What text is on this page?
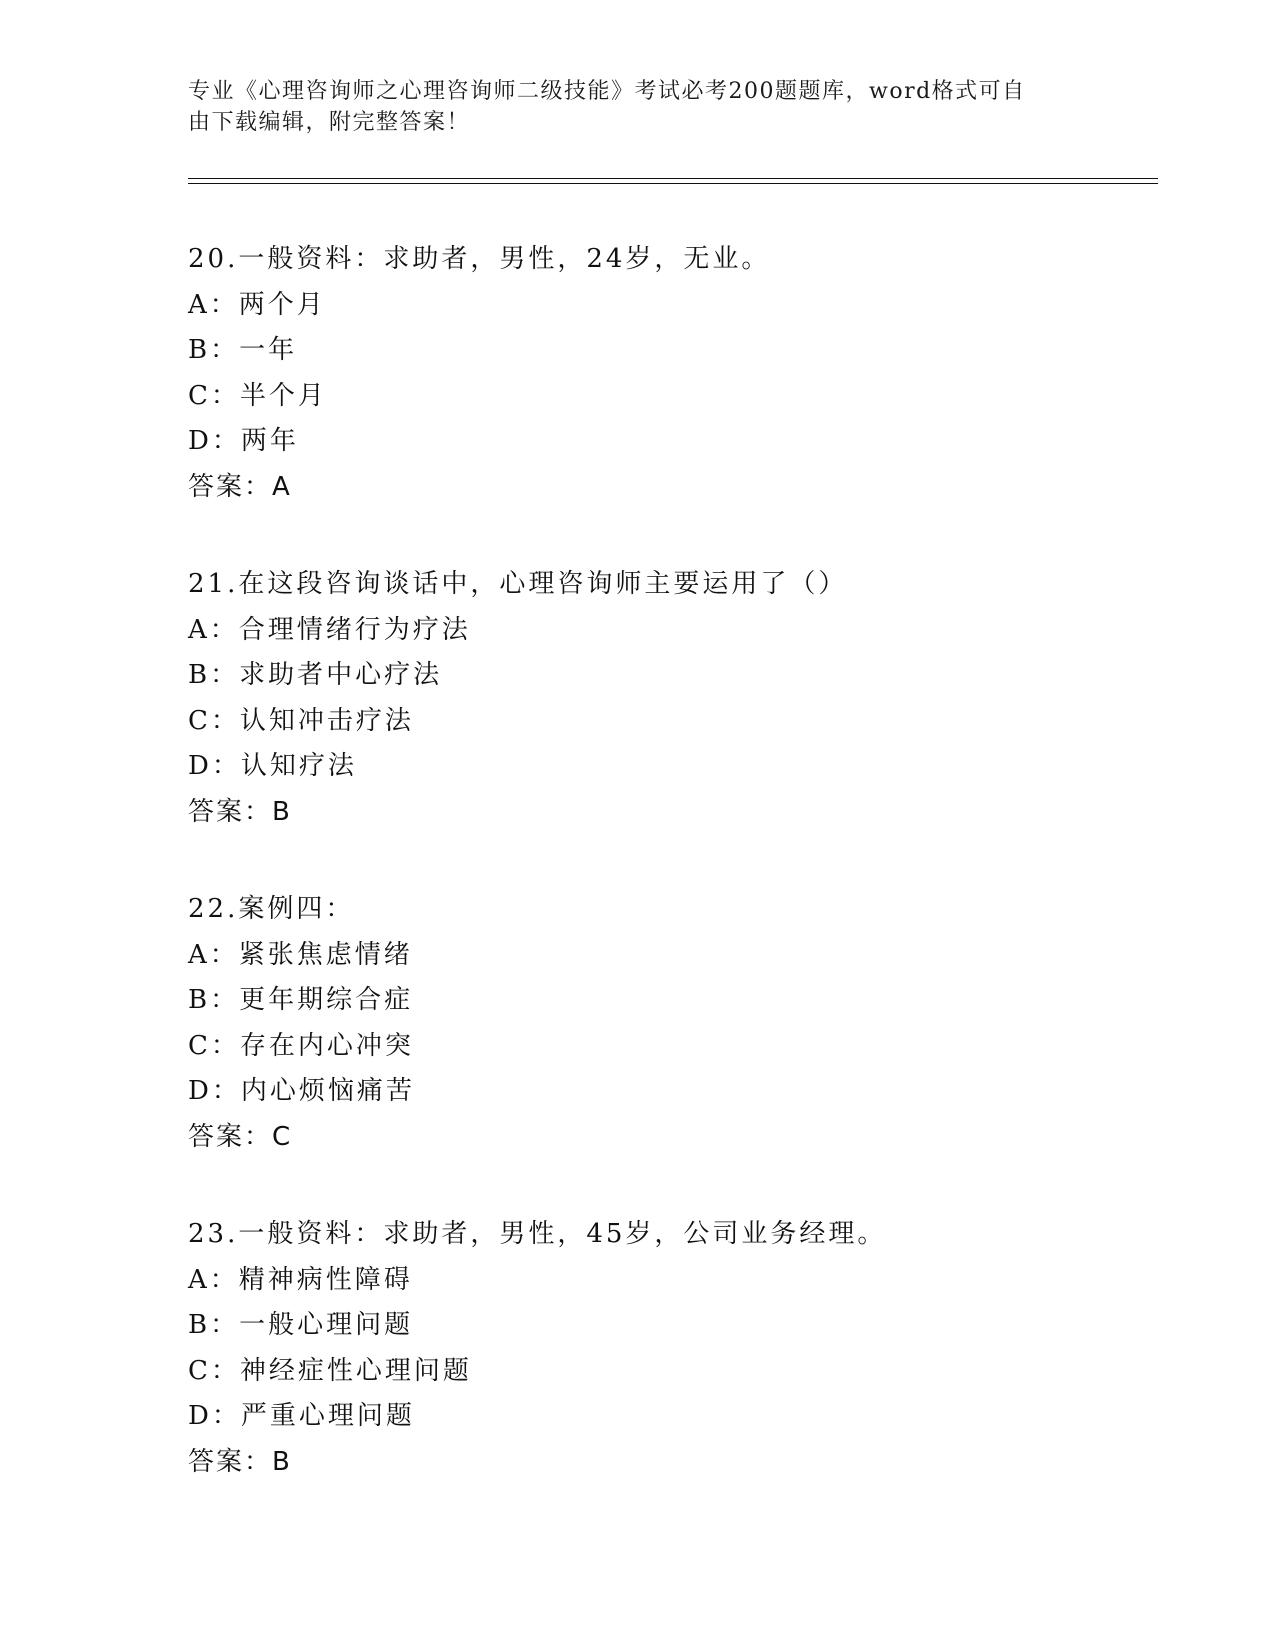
专业《心理咨询师之心理咨询师二级技能》考试必考200题题库，word格式可自
由下载编辑，附完整答案！
20.一般资料：求助者，男性，24岁，无业。
A：两个月
B：一年
C：半个月
D：两年
答案：A
21.在这段咨询谈话中，心理咨询师主要运用了（）
A：合理情绪行为疗法
B：求助者中心疗法
C：认知冲击疗法
D：认知疗法
答案：B
22.案例四：
A：紧张焦虑情绪
B：更年期综合症
C：存在内心冲突
D：内心烦恼痛苦
答案：C
23.一般资料：求助者，男性，45岁，公司业务经理。
A：精神病性障碍
B：一般心理问题
C：神经症性心理问题
D：严重心理问题
答案：B
